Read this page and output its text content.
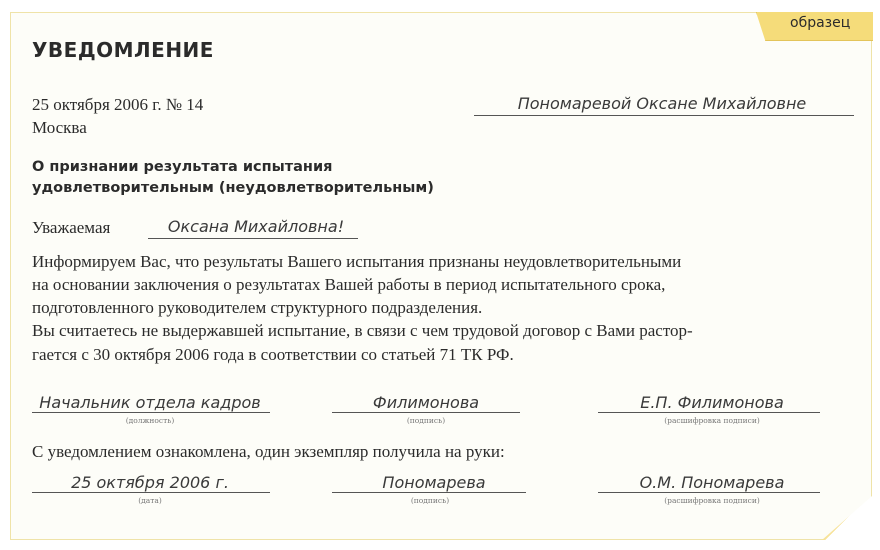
образец
УВЕДОМЛЕНИЕ
25 октября 2006 г. № 14
Москва
Пономаревой Оксане Михайловне
О признании результата испытания
удовлетворительным (неудовлетворительным)
Уважаемая	Оксана Михайловна!
Информируем Вас, что результаты Вашего испытания признаны неудовлетворительными
на основании заключения о результатах Вашей работы в период испытательного срока,
подготовленного руководителем структурного подразделения.
Вы считаетесь не выдержавшей испытание, в связи с чем трудовой договор с Вами растор-
гается с 30 октября 2006 года в соответствии со статьей 71 ТК РФ.
Начальник отдела кадров
(должность)
Филимонова
(подпись)
Е.П. Филимонова
(расшифровка подписи)
С уведомлением ознакомлена, один экземпляр получила на руки:
25 октября 2006 г.
(дата)
Пономарева
(подпись)
О.М. Пономарева
(расшифровка подписи)
